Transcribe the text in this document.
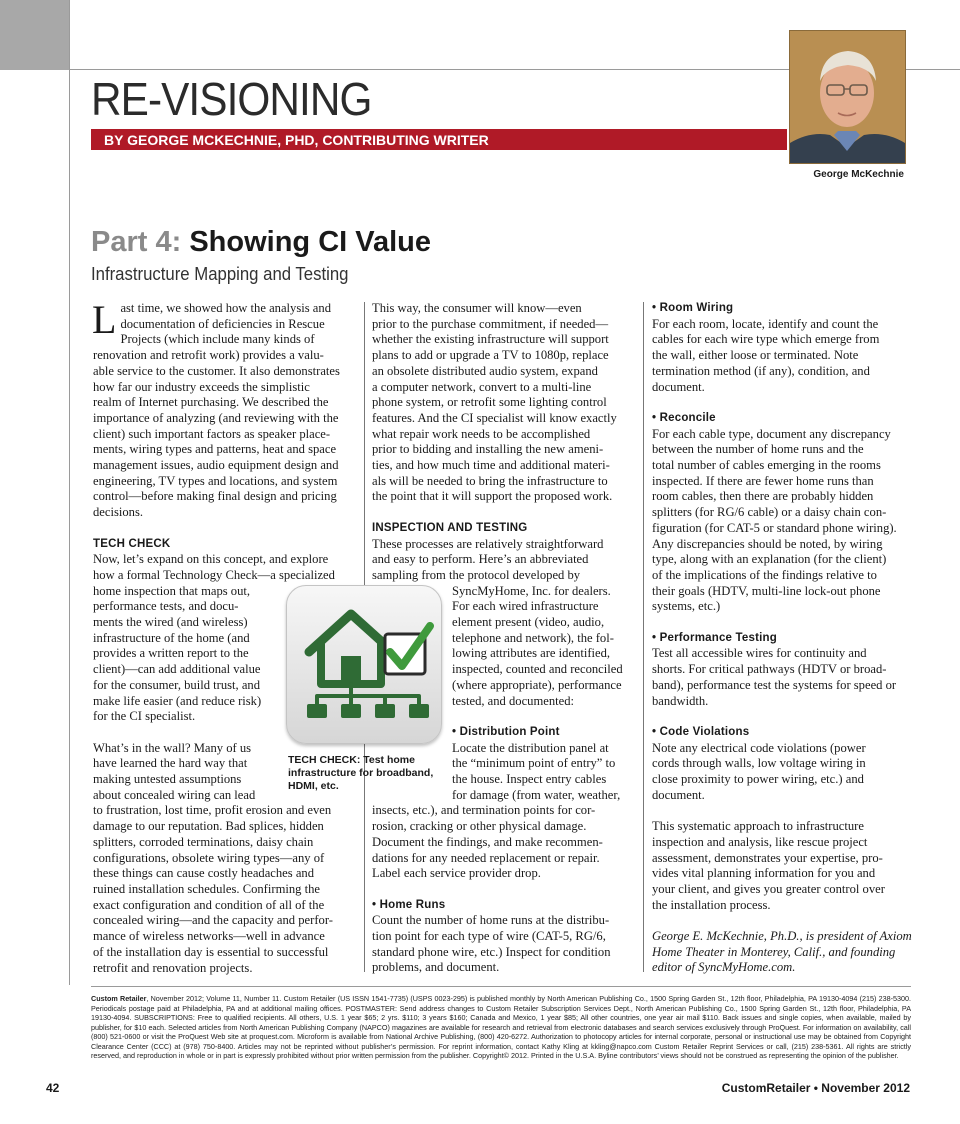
RE-VISIONING
BY GEORGE MCKECHNIE, PHD, CONTRIBUTING WRITER
George McKechnie
Part 4: Showing CI Value
Infrastructure Mapping and Testing

Last time, we showed how the analysis and

documentation of deficiencies in Rescue

Projects (which include many kinds of

renovation and retrofit work) provides a valu-

able service to the customer. It also demonstrates

how far our industry exceeds the simplistic

realm of Internet purchasing. We described the

importance of analyzing (and reviewing with the

client) such important factors as speaker place-

ments, wiring types and patterns, heat and space

management issues, audio equipment design and

engineering, TV types and locations, and system

control—before making final design and pricing

decisions.

TECH CHECK

Now, let’s expand on this concept, and explore

how a formal Technology Check—a specialized

home inspection that maps out,

performance tests, and docu-

ments the wired (and wireless)

infrastructure of the home (and

provides a written report to the

client)—can add additional value

for the consumer, build trust, and

make life easier (and reduce risk)

for the CI specialist.

What’s in the wall? Many of us

have learned the hard way that

making untested assumptions

about concealed wiring can lead

to frustration, lost time, profit erosion and even

damage to our reputation. Bad splices, hidden

splitters, corroded terminations, daisy chain

configurations, obsolete wiring types—any of

these things can cause costly headaches and

ruined installation schedules. Confirming the

exact configuration and condition of all of the

concealed wiring—and the capacity and perfor-

mance of wireless networks—well in advance

of the installation day is essential to successful

retrofit and renovation projects.

This way, the consumer will know—even

prior to the purchase commitment, if needed—

whether the existing infrastructure will support

plans to add or upgrade a TV to 1080p, replace

an obsolete distributed audio system, expand

a computer network, convert to a multi-line

phone system, or retrofit some lighting control

features. And the CI specialist will know exactly

what repair work needs to be accomplished

prior to bidding and installing the new ameni-

ties, and how much time and additional materi-

als will be needed to bring the infrastructure to

the point that it will support the proposed work.

INSPECTION AND TESTING

These processes are relatively straightforward

and easy to perform. Here’s an abbreviated

sampling from the protocol developed by

SyncMyHome, Inc. for dealers.

For each wired infrastructure

element present (video, audio,

telephone and network), the fol-

lowing attributes are identified,

inspected, counted and reconciled

(where appropriate), performance

tested, and documented:

• Distribution Point

Locate the distribution panel at

the “minimum point of entry” to

the house. Inspect entry cables

for damage (from water, weather,

insects, etc.), and termination points for cor-

rosion, cracking or other physical damage.

Document the findings, and make recommen-

dations for any needed replacement or repair.

Label each service provider drop.

• Home Runs

Count the number of home runs at the distribu-

tion point for each type of wire (CAT-5, RG/6,

standard phone wire, etc.) Inspect for condition

problems, and document.

• Room Wiring

For each room, locate, identify and count the

cables for each wire type which emerge from

the wall, either loose or terminated. Note

termination method (if any), condition, and

document.

• Reconcile

For each cable type, document any discrepancy

between the number of home runs and the

total number of cables emerging in the rooms

inspected. If there are fewer home runs than

room cables, then there are probably hidden

splitters (for RG/6 cable) or a daisy chain con-

figuration (for CAT-5 or standard phone wiring).

Any discrepancies should be noted, by wiring

type, along with an explanation (for the client)

of the implications of the findings relative to

their goals (HDTV, multi-line lock-out phone

systems, etc.)

• Performance Testing

Test all accessible wires for continuity and

shorts. For critical pathways (HDTV or broad-

band), performance test the systems for speed or

bandwidth.

• Code Violations

Note any electrical code violations (power

cords through walls, low voltage wiring in

close proximity to power wiring, etc.) and

document.

This systematic approach to infrastructure

inspection and analysis, like rescue project

assessment, demonstrates your expertise, pro-

vides vital planning information for you and

your client, and gives you greater control over

the installation process.

George E. McKechnie, Ph.D., is president of Axiom

Home Theater in Monterey, Calif., and founding

editor of SyncMyHome.com.

TECH CHECK: Test home infrastructure for broadband, HDMI, etc.
Custom Retailer, November 2012; Volume 11, Number 11. Custom Retailer (US ISSN 1541-7735) (USPS 0023-295) is published monthly by North American Publishing Co., 1500 Spring Garden St., 12th floor, Philadelphia, PA 19130-4094 (215) 238-5300. Periodicals postage paid at Philadelphia, PA and at additional mailing offices. POSTMASTER: Send address changes to Custom Retailer Subscription Services Dept., North American Publishing Co., 1500 Spring Garden St., 12th floor, Philadelphia, PA 19130-4094. SUBSCRIPTIONS: Free to qualified recipients. All others, U.S. 1 year $65; 2 yrs. $110; 3 years $160; Canada and Mexico, 1 year $85; All other countries, one year air mail $110. Back issues and single copies, when available, mailed by publisher, for $10 each. Selected articles from North American Publishing Company (NAPCO) magazines are available for research and retrieval from electronic databases and search services exclusively through ProQuest. For information on availability, call (800) 521-0600 or visit the ProQuest Web site at proquest.com. Microform is available from National Archive Publishing, (800) 420-6272. Authorization to photocopy articles for internal corporate, personal or instructional use may be obtained from Copyright Clearance Center (CCC) at (978) 750-8400. Articles may not be reprinted without publisher’s permission. For reprint information, contact Kathy Kling at kkling@napco.com Custom Retailer Reprint Services or call, (215) 238-5361. All rights are strictly reserved, and reproduction in whole or in part is expressly prohibited without prior written permission from the publisher. Copyright© 2012. Printed in the U.S.A. Byline contributors’ views should not be construed as representing the opinion of the publisher.
42	CustomRetailer • November 2012
